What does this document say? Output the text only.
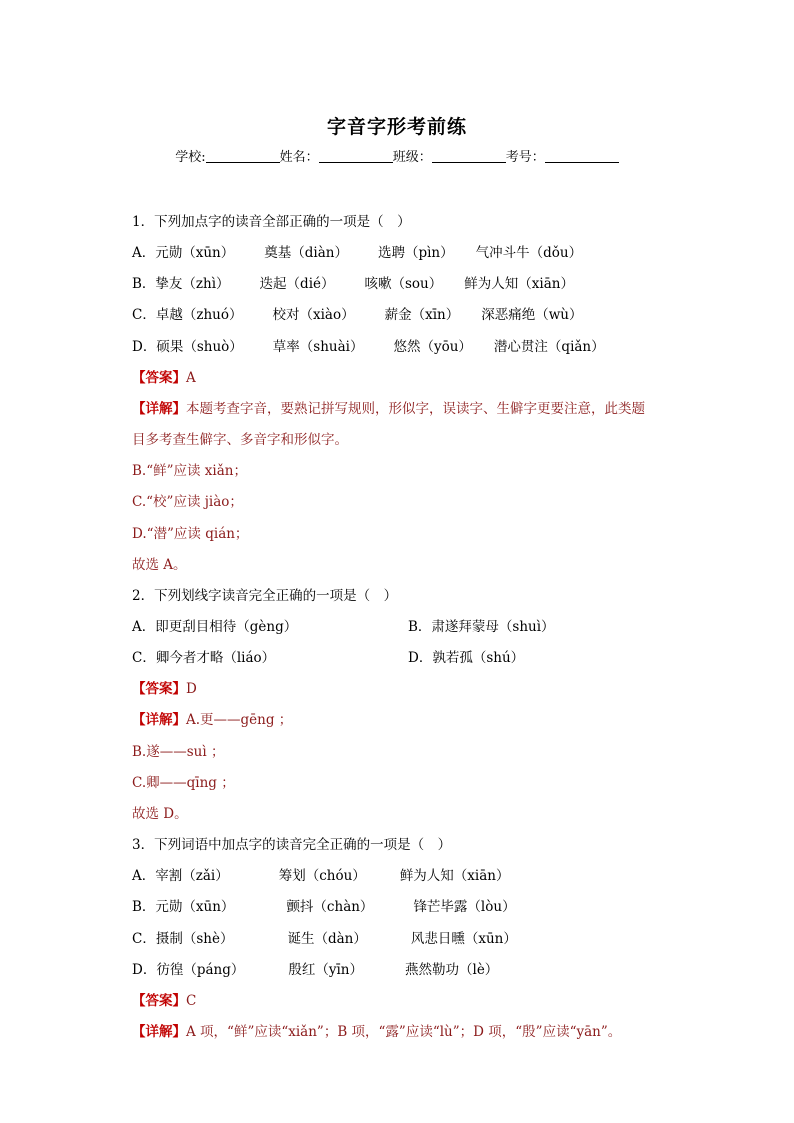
字音字形考前练
学校:	姓名：	班级：	考号：
1．下列加点字的读音全部正确的一项是（　）
A．元勋（xūn） 奠基（diàn） 选聘（pìn） 气冲斗牛（dǒu）
B．挚友（zhì） 迭起（dié） 咳嗽（sou） 鲜为人知（xiān）
C．卓越（zhuó） 校对（xiào） 薪金（xīn） 深恶痛绝（wù）
D．硕果（shuò） 草率（shuài） 悠然（yōu） 潜心贯注（qiǎn）
【答案】A
【详解】本题考查字音，要熟记拼写规则，形似字，误读字、生僻字更要注意，此类题
目多考查生僻字、多音字和形似字。
B.“鲜”应读 xiǎn；
C.“校”应读 jiào；
D.“潜”应读 qián；
故选 A。
2．下列划线字读音完全正确的一项是（　）
A．即更刮目相待（gèng）	B．肃遂拜蒙母（shuì）
C．卿今者才略（liáo）	D．孰若孤（shú）
【答案】D
【详解】A.更——gēng ；
B.遂——suì ；
C.卿——qīng ；
故选 D。
3．下列词语中加点字的读音完全正确的一项是（　）
A．宰割（zǎi）	筹划（chóu）	鲜为人知（xiān）
B．元勋（xūn）	颤抖（chàn）	锋芒毕露（lòu）
C．摄制（shè）	诞生（dàn）	风悲日曛（xūn）
D．彷徨（páng）	殷红（yīn）	燕然勒功（lè）
【答案】C
【详解】A 项，“鲜”应读“xiǎn”；B 项，“露”应读“lù”；D 项，“殷”应读“yān”。
